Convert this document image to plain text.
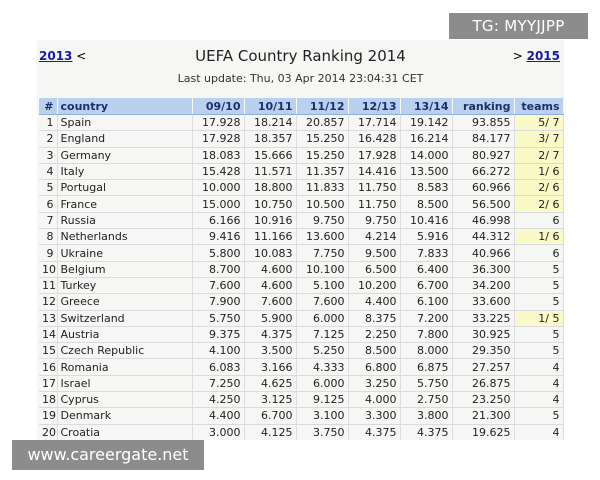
2013 <	UEFA Country Ranking 2014	> 2015
Last update: Thu, 03 Apr 2014 23:04:31 CET
#	country	09/10	10/11	11/12	12/13	13/14	ranking	teams
1	Spain	17.928	18.214	20.857	17.714	19.142	93.855	5/ 7
2	England	17.928	18.357	15.250	16.428	16.214	84.177	3/ 7
3	Germany	18.083	15.666	15.250	17.928	14.000	80.927	2/ 7
4	Italy	15.428	11.571	11.357	14.416	13.500	66.272	1/ 6
5	Portugal	10.000	18.800	11.833	11.750	8.583	60.966	2/ 6
6	France	15.000	10.750	10.500	11.750	8.500	56.500	2/ 6
7	Russia	6.166	10.916	9.750	9.750	10.416	46.998	6
8	Netherlands	9.416	11.166	13.600	4.214	5.916	44.312	1/ 6
9	Ukraine	5.800	10.083	7.750	9.500	7.833	40.966	6
10	Belgium	8.700	4.600	10.100	6.500	6.400	36.300	5
11	Turkey	7.600	4.600	5.100	10.200	6.700	34.200	5
12	Greece	7.900	7.600	7.600	4.400	6.100	33.600	5
13	Switzerland	5.750	5.900	6.000	8.375	7.200	33.225	1/ 5
14	Austria	9.375	4.375	7.125	2.250	7.800	30.925	5
15	Czech Republic	4.100	3.500	5.250	8.500	8.000	29.350	5
16	Romania	6.083	3.166	4.333	6.800	6.875	27.257	4
17	Israel	7.250	4.625	6.000	3.250	5.750	26.875	4
18	Cyprus	4.250	3.125	9.125	4.000	2.750	23.250	4
19	Denmark	4.400	6.700	3.100	3.300	3.800	21.300	5
20	Croatia	3.000	4.125	3.750	4.375	4.375	19.625	4
TG: MYYJJPP
www.careergate.net
